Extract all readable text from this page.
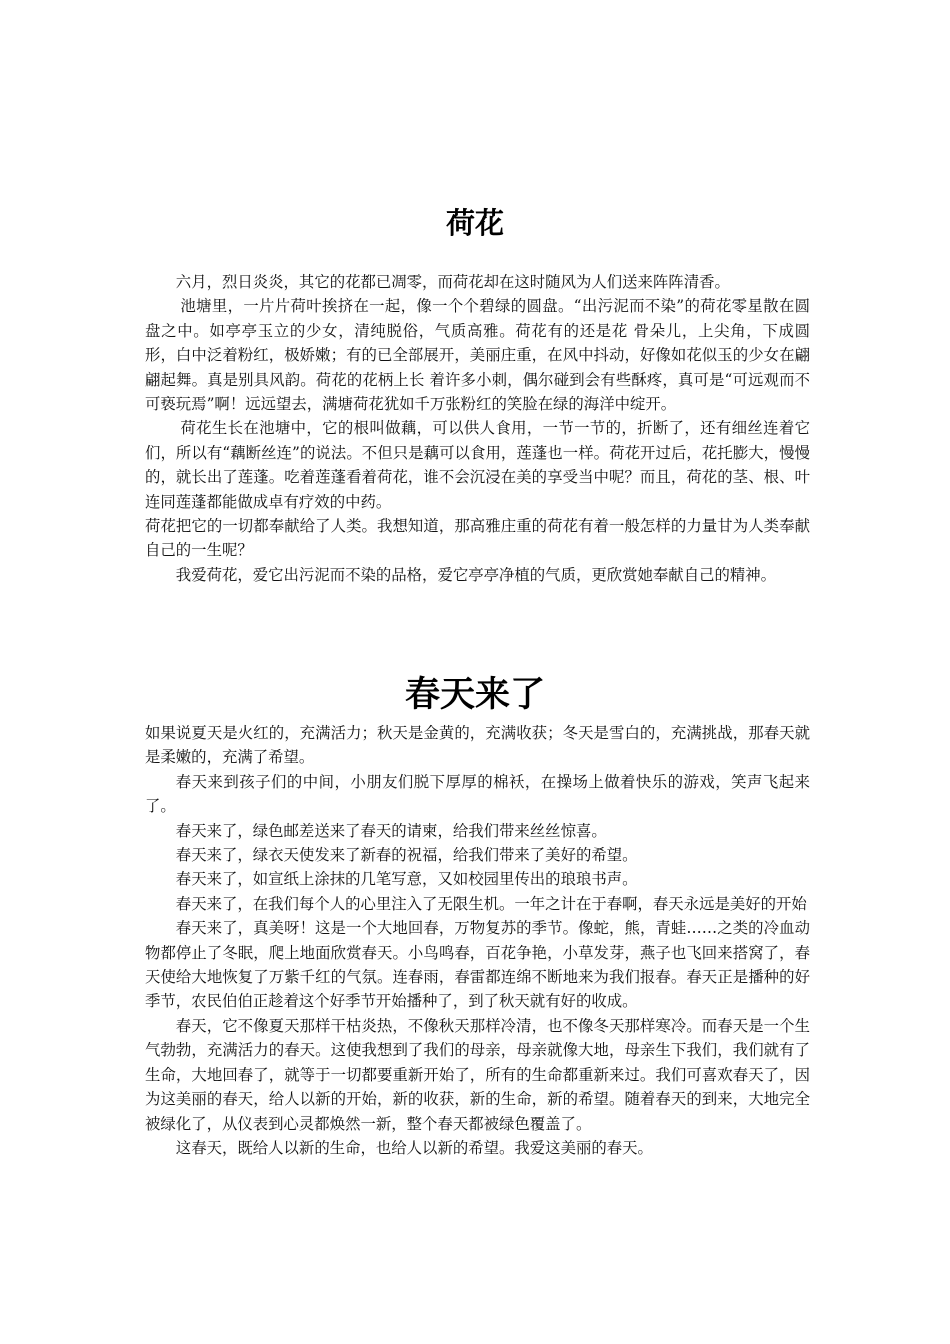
荷花

六月，烈日炎炎，其它的花都已凋零，而荷花却在这时随风为人们送来阵阵清香。

池塘里，一片片荷叶挨挤在一起，像一个个碧绿的圆盘。“出污泥而不染”的荷花零星散在圆盘之中。如亭亭玉立的少女，清纯脱俗，气质高雅。荷花有的还是花 骨朵儿，上尖角，下成圆形，白中泛着粉红，极娇嫩；有的已全部展开，美丽庄重，在风中抖动，好像如花似玉的少女在翩翩起舞。真是别具风韵。荷花的花柄上长 着许多小刺，偶尔碰到会有些酥疼，真可是“可远观而不可亵玩焉”啊！远远望去，满塘荷花犹如千万张粉红的笑脸在绿的海洋中绽开。

荷花生长在池塘中，它的根叫做藕，可以供人食用，一节一节的，折断了，还有细丝连着它们，所以有“藕断丝连”的说法。不但只是藕可以食用，莲蓬也一样。荷花开过后，花托膨大，慢慢的，就长出了莲蓬。吃着莲蓬看着荷花，谁不会沉浸在美的享受当中呢？而且，荷花的茎、根、叶连同莲蓬都能做成卓有疗效的中药。

荷花把它的一切都奉献给了人类。我想知道，那高雅庄重的荷花有着一般怎样的力量甘为人类奉献自己的一生呢？

我爱荷花，爱它出污泥而不染的品格，爱它亭亭净植的气质，更欣赏她奉献自己的精神。

春天来了

如果说夏天是火红的，充满活力；秋天是金黄的，充满收获；冬天是雪白的，充满挑战，那春天就是柔嫩的，充满了希望。

春天来到孩子们的中间，小朋友们脱下厚厚的棉袄，在操场上做着快乐的游戏，笑声飞起来了。

春天来了，绿色邮差送来了春天的请柬，给我们带来丝丝惊喜。

春天来了，绿衣天使发来了新春的祝福，给我们带来了美好的希望。

春天来了，如宣纸上涂抹的几笔写意，又如校园里传出的琅琅书声。

春天来了，在我们每个人的心里注入了无限生机。一年之计在于春啊，春天永远是美好的开始

春天来了，真美呀！这是一个大地回春，万物复苏的季节。像蛇，熊，青蛙……之类的冷血动物都停止了冬眠，爬上地面欣赏春天。小鸟鸣春，百花争艳，小草发芽，燕子也飞回来搭窝了，春天使给大地恢复了万紫千红的气氛。连春雨，春雷都连绵不断地来为我们报春。春天正是播种的好季节，农民伯伯正趁着这个好季节开始播种了，到了秋天就有好的收成。

春天，它不像夏天那样干枯炎热，不像秋天那样冷清，也不像冬天那样寒冷。而春天是一个生气勃勃，充满活力的春天。这使我想到了我们的母亲，母亲就像大地，母亲生下我们，我们就有了生命，大地回春了，就等于一切都要重新开始了，所有的生命都重新来过。我们可喜欢春天了，因为这美丽的春天，给人以新的开始，新的收获，新的生命，新的希望。随着春天的到来，大地完全被绿化了，从仪表到心灵都焕然一新，整个春天都被绿色覆盖了。

这春天，既给人以新的生命，也给人以新的希望。我爱这美丽的春天。
